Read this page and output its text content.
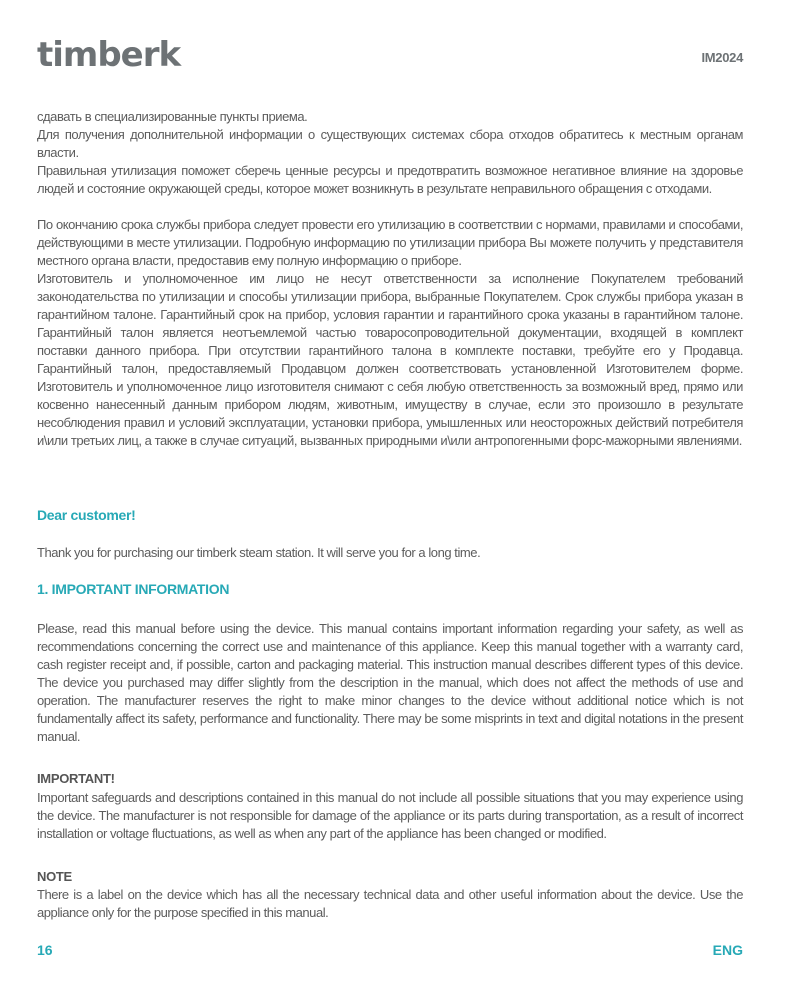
timberk	IM2024

сдавать в специализированные пункты приема.

Для получения дополнительной информации о существующих системах сбора отходов обратитесь к местным органам власти.

Правильная утилизация поможет сберечь ценные ресурсы и предотвратить возможное негативное влияние на здоровье людей и состояние окружающей среды, которое может возникнуть в результате неправильного обращения с отходами.

По окончанию срока службы прибора следует провести его утилизацию в соответствии с нормами, правилами и способами, действующими в месте утилизации. Подробную информацию по утилизации прибора Вы можете получить у представителя местного органа власти, предоставив ему полную информацию о приборе.

Изготовитель и уполномоченное им лицо не несут ответственности за исполнение Покупателем требований законодательства по утилизации и способы утилизации прибора, выбранные Покупателем. Срок службы прибора указан в гарантийном талоне. Гарантийный срок на прибор, условия гарантии и гарантийного срока указаны в гарантийном талоне. Гарантийный талон является неотъемлемой частью товаросопроводительной документации, входящей в комплект поставки данного прибора. При отсутствии гарантийного талона в комплекте поставки, требуйте его у Продавца. Гарантийный талон, предоставляемый Продавцом должен соответствовать установленной Изготовителем форме. Изготовитель и уполномоченное лицо изготовителя снимают с себя любую ответственность за возможный вред, прямо или косвенно нанесенный данным прибором людям, животным, имуществу в случае, если это произошло в результате несоблюдения правил и условий эксплуатации, установки прибора, умышленных или неосторожных действий потребителя и\или третьих лиц, а также в случае ситуаций, вызванных природными и\или антропогенными форс-мажорными явлениями.

Dear customer!
Thank you for purchasing our timberk steam station. It will serve you for a long time.
1. IMPORTANT INFORMATION

Please, read this manual before using the device. This manual contains important information regarding your safety, as well as recommendations concerning the correct use and maintenance of this appliance. Keep this manual together with a warranty card, cash register receipt and, if possible, carton and packaging material. This instruction manual describes different types of this device. The device you purchased may differ slightly from the description in the manual, which does not affect the methods of use and operation. The manufacturer reserves the right to make minor changes to the device without additional notice which is not fundamentally affect its safety, performance and functionality. There may be some misprints in text and digital notations in the present manual.

IMPORTANT!

Important safeguards and descriptions contained in this manual do not include all possible situations that you may experience using the device. The manufacturer is not responsible for damage of the appliance or its parts during transportation, as a result of incorrect installation or voltage fluctuations, as well as when any part of the appliance has been changed or modified.

NOTE

There is a label on the device which has all the necessary technical data and other useful information about the device. Use the appliance only for the purpose specified in this manual.

16	ENG
